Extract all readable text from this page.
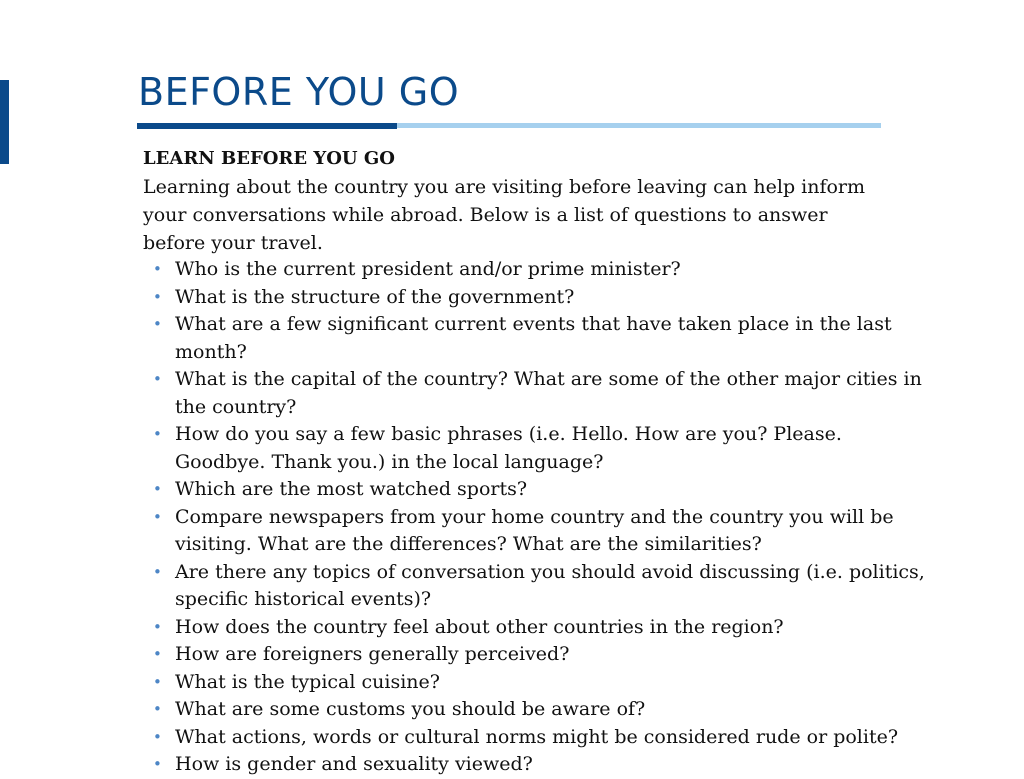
BEFORE YOU GO

LEARN BEFORE YOU GO

Learning about the country you are visiting before leaving can help inform your conversations while abroad. Below is a list of questions to answer before your travel.

• Who is the current president and/or prime minister?
• What is the structure of the government?
• What are a few significant current events that have taken place in the last month?
• What is the capital of the country? What are some of the other major cities in the country?
• How do you say a few basic phrases (i.e. Hello. How are you? Please. Goodbye. Thank you.) in the local language?
• Which are the most watched sports?
• Compare newspapers from your home country and the country you will be visiting. What are the differences? What are the similarities?
• Are there any topics of conversation you should avoid discussing (i.e. politics, specific historical events)?
• How does the country feel about other countries in the region?
• How are foreigners generally perceived?
• What is the typical cuisine?
• What are some customs you should be aware of?
• What actions, words or cultural norms might be considered rude or polite?
• How is gender and sexuality viewed?
